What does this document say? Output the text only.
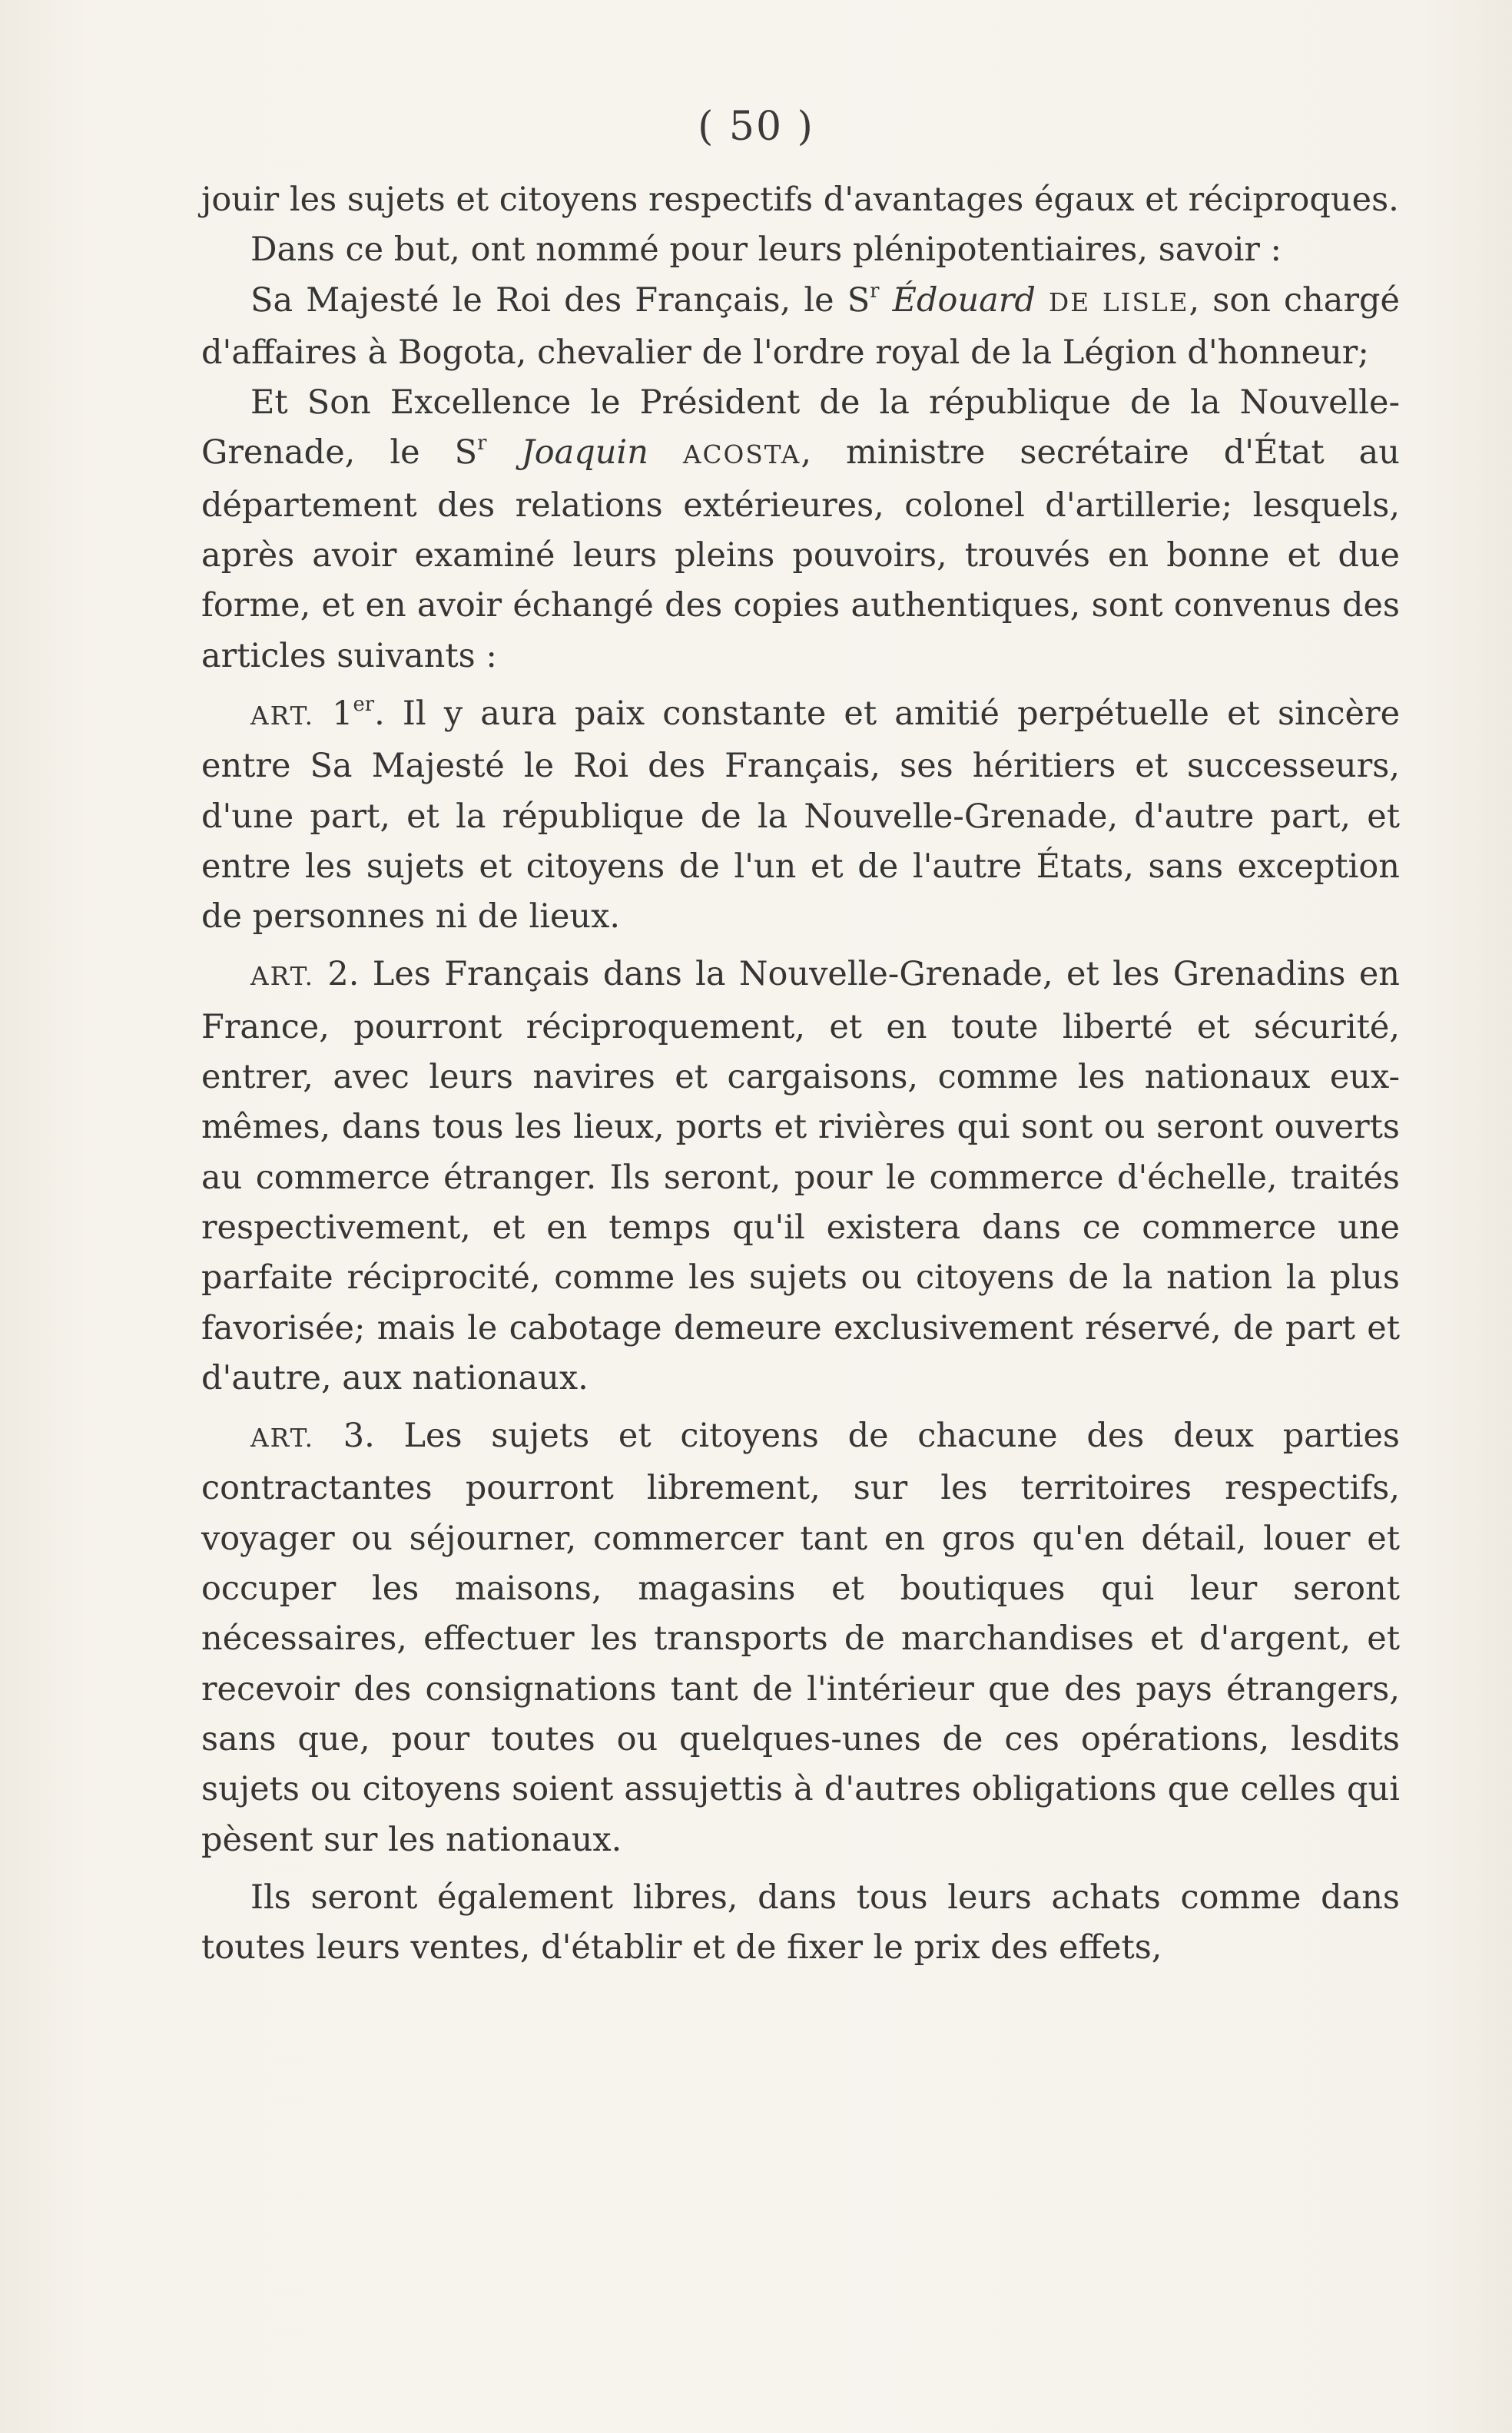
( 50 )

jouir les sujets et citoyens respectifs d'avantages égaux et réciproques.

Dans ce but, ont nommé pour leurs plénipotentiaires, savoir :

Sa Majesté le Roi des Français, le $S^r$ Édouard DE LISLE, son chargé d'affaires à Bogota, chevalier de l'ordre royal de la Légion d'honneur;

Et Son Excellence le Président de la république de la Nouvelle-Grenade, le $S^r$ Joaquin ACOSTA, ministre secrétaire d'État au département des relations extérieures, colonel d'artillerie; lesquels, après avoir examiné leurs pleins pouvoirs, trouvés en bonne et due forme, et en avoir échangé des copies authentiques, sont convenus des articles suivants :

ART. 1er. Il y aura paix constante et amitié perpétuelle et sincère entre Sa Majesté le Roi des Français, ses héritiers et successeurs, d'une part, et la république de la Nouvelle-Grenade, d'autre part, et entre les sujets et citoyens de l'un et de l'autre États, sans exception de personnes ni de lieux.

ART. 2. Les Français dans la Nouvelle-Grenade, et les Grenadins en France, pourront réciproquement, et en toute liberté et sécurité, entrer, avec leurs navires et cargaisons, comme les nationaux eux-mêmes, dans tous les lieux, ports et rivières qui sont ou seront ouverts au commerce étranger. Ils seront, pour le commerce d'échelle, traités respectivement, et en temps qu'il existera dans ce commerce une parfaite réciprocité, comme les sujets ou citoyens de la nation la plus favorisée; mais le cabotage demeure exclusivement réservé, de part et d'autre, aux nationaux.

ART. 3. Les sujets et citoyens de chacune des deux parties contractantes pourront librement, sur les territoires respectifs, voyager ou séjourner, commercer tant en gros qu'en détail, louer et occuper les maisons, magasins et boutiques qui leur seront nécessaires, effectuer les transports de marchandises et d'argent, et recevoir des consignations tant de l'intérieur que des pays étrangers, sans que, pour toutes ou quelques-unes de ces opérations, lesdits sujets ou citoyens soient assujettis à d'autres obligations que celles qui pèsent sur les nationaux.

Ils seront également libres, dans tous leurs achats comme dans toutes leurs ventes, d'établir et de fixer le prix des effets,
